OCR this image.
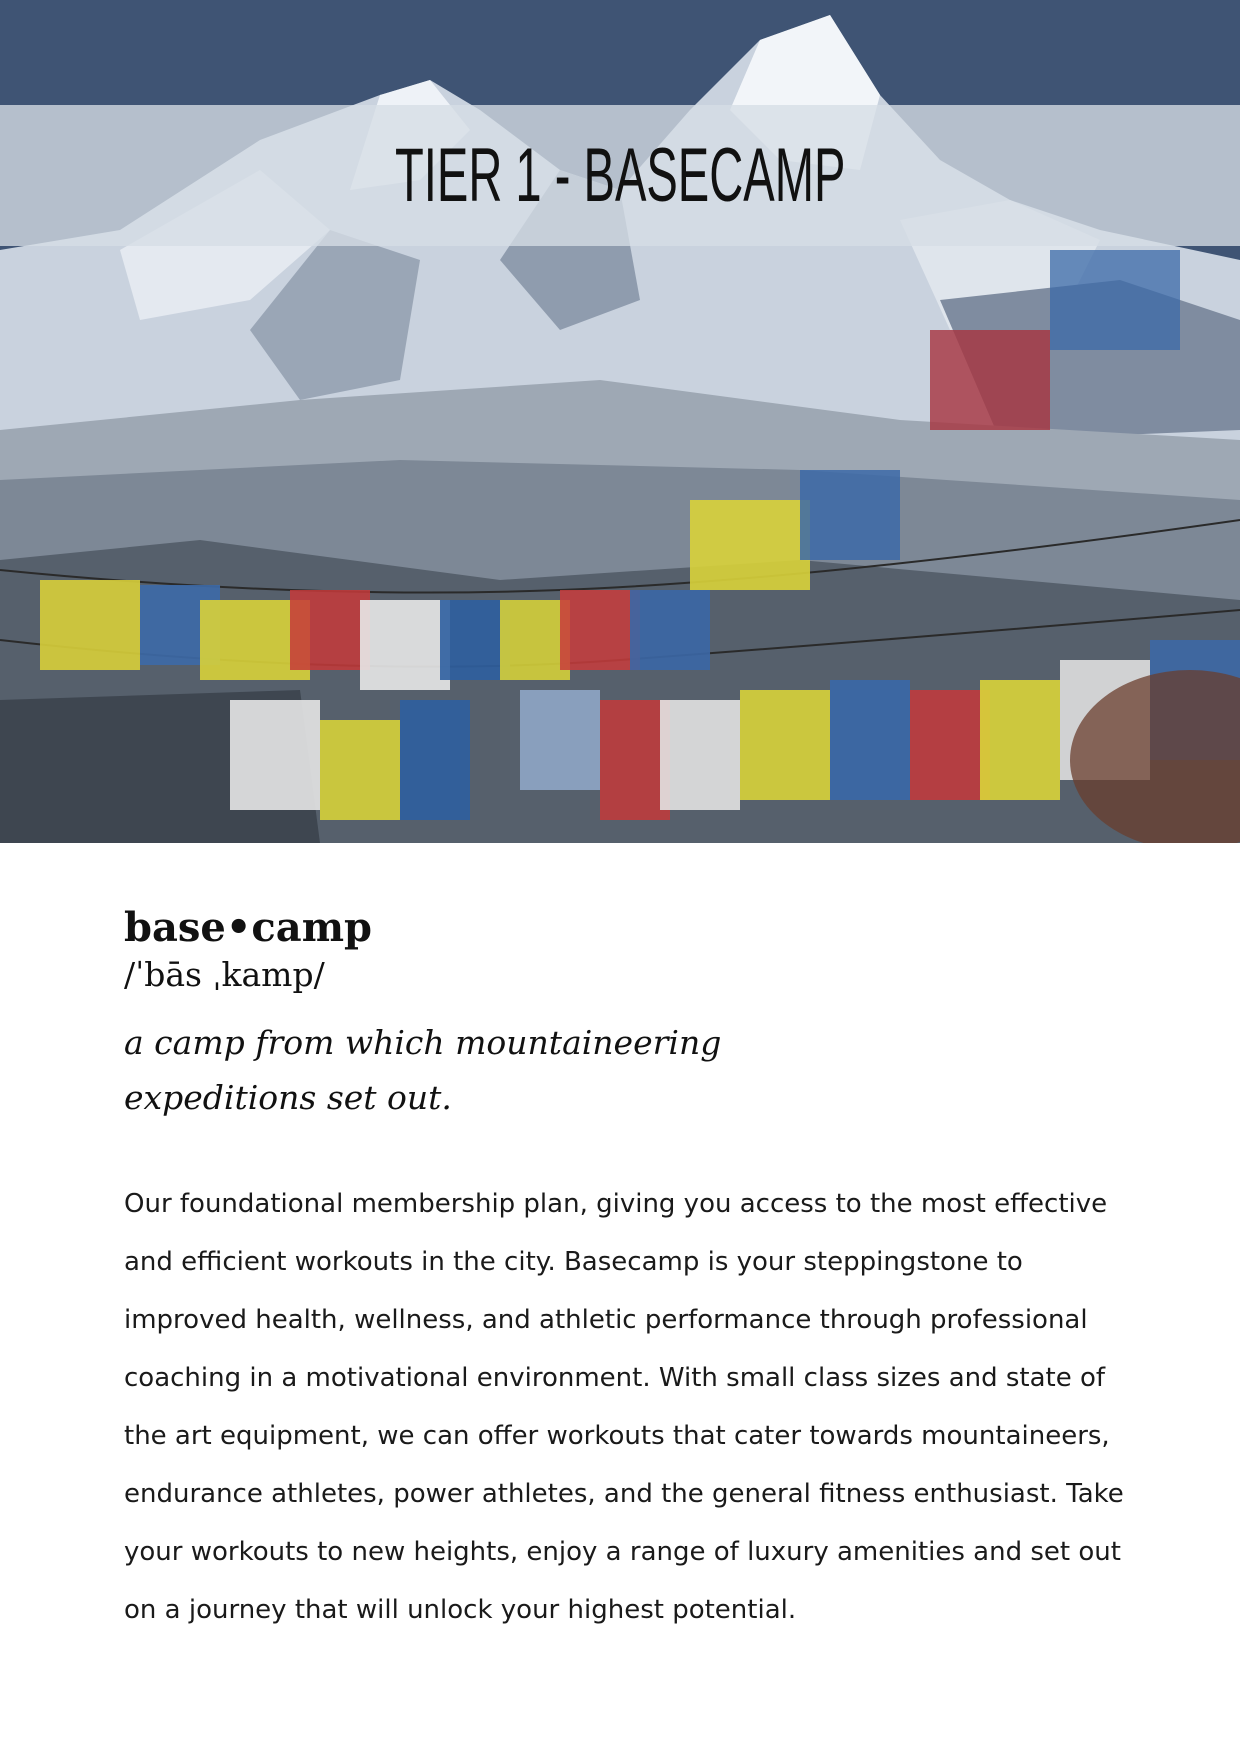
TIER 1 - BASECAMP
base•camp
/ˈbās ˌkamp/
a camp from which mountaineering expeditions set out.
Our foundational membership plan, giving you access to the most effective and efficient workouts in the city. Basecamp is your steppingstone to improved health, wellness, and athletic performance through professional coaching in a motivational environment. With small class sizes and state of the art equipment, we can offer workouts that cater towards mountaineers, endurance athletes, power athletes, and the general fitness enthusiast. Take your workouts to new heights, enjoy a range of luxury amenities and set out on a journey that will unlock your highest potential.
